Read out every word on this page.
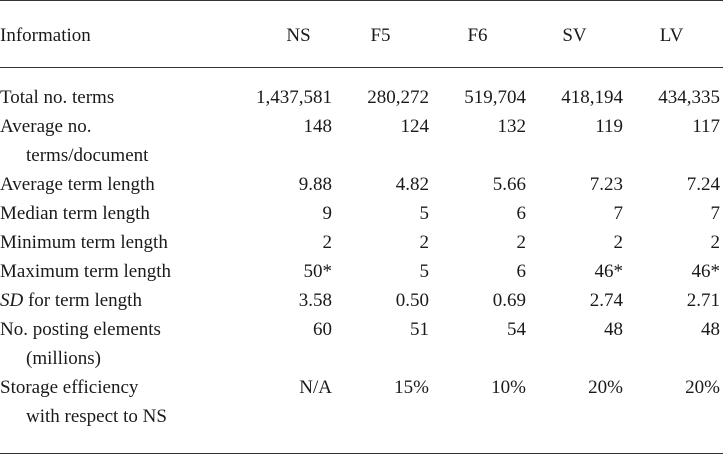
Information	NS	F5	F6	SV	LV

Total no. terms	1,437,581	280,272	519,704	418,194	434,335

Average no.
terms/document	148	124	132	119	117

Average term length	9.88	4.82	5.66	7.23	7.24

Median term length	9	5	6	7	7

Minimum term length	2	2	2	2	2

Maximum term length	50*	5	6	46*	46*

SD for term length	3.58	0.50	0.69	2.74	2.71

No. posting elements
(millions)	60	51	54	48	48

Storage efficiency
with respect to NS	N/A	15%	10%	20%	20%
